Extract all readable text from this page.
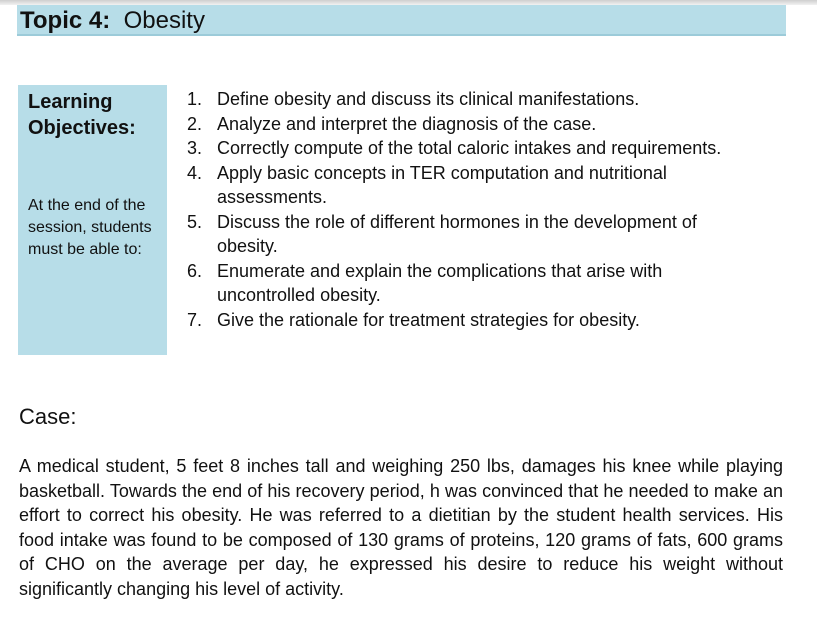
Topic 4: Obesity
Learning
Objectives:
At the end of the session, students must be able to:
1. Define obesity and discuss its clinical manifestations.
2. Analyze and interpret the diagnosis of the case.
3. Correctly compute of the total caloric intakes and requirements.
4. Apply basic concepts in TER computation and nutritional assessments.
5. Discuss the role of different hormones in the development of obesity.
6. Enumerate and explain the complications that arise with uncontrolled obesity.
7. Give the rationale for treatment strategies for obesity.
Case:
A medical student, 5 feet 8 inches tall and weighing 250 lbs, damages his knee while playing basketball. Towards the end of his recovery period, h was convinced that he needed to make an effort to correct his obesity. He was referred to a dietitian by the student health services. His food intake was found to be composed of 130 grams of proteins, 120 grams of fats, 600 grams of CHO on the average per day, he expressed his desire to reduce his weight without significantly changing his level of activity.
